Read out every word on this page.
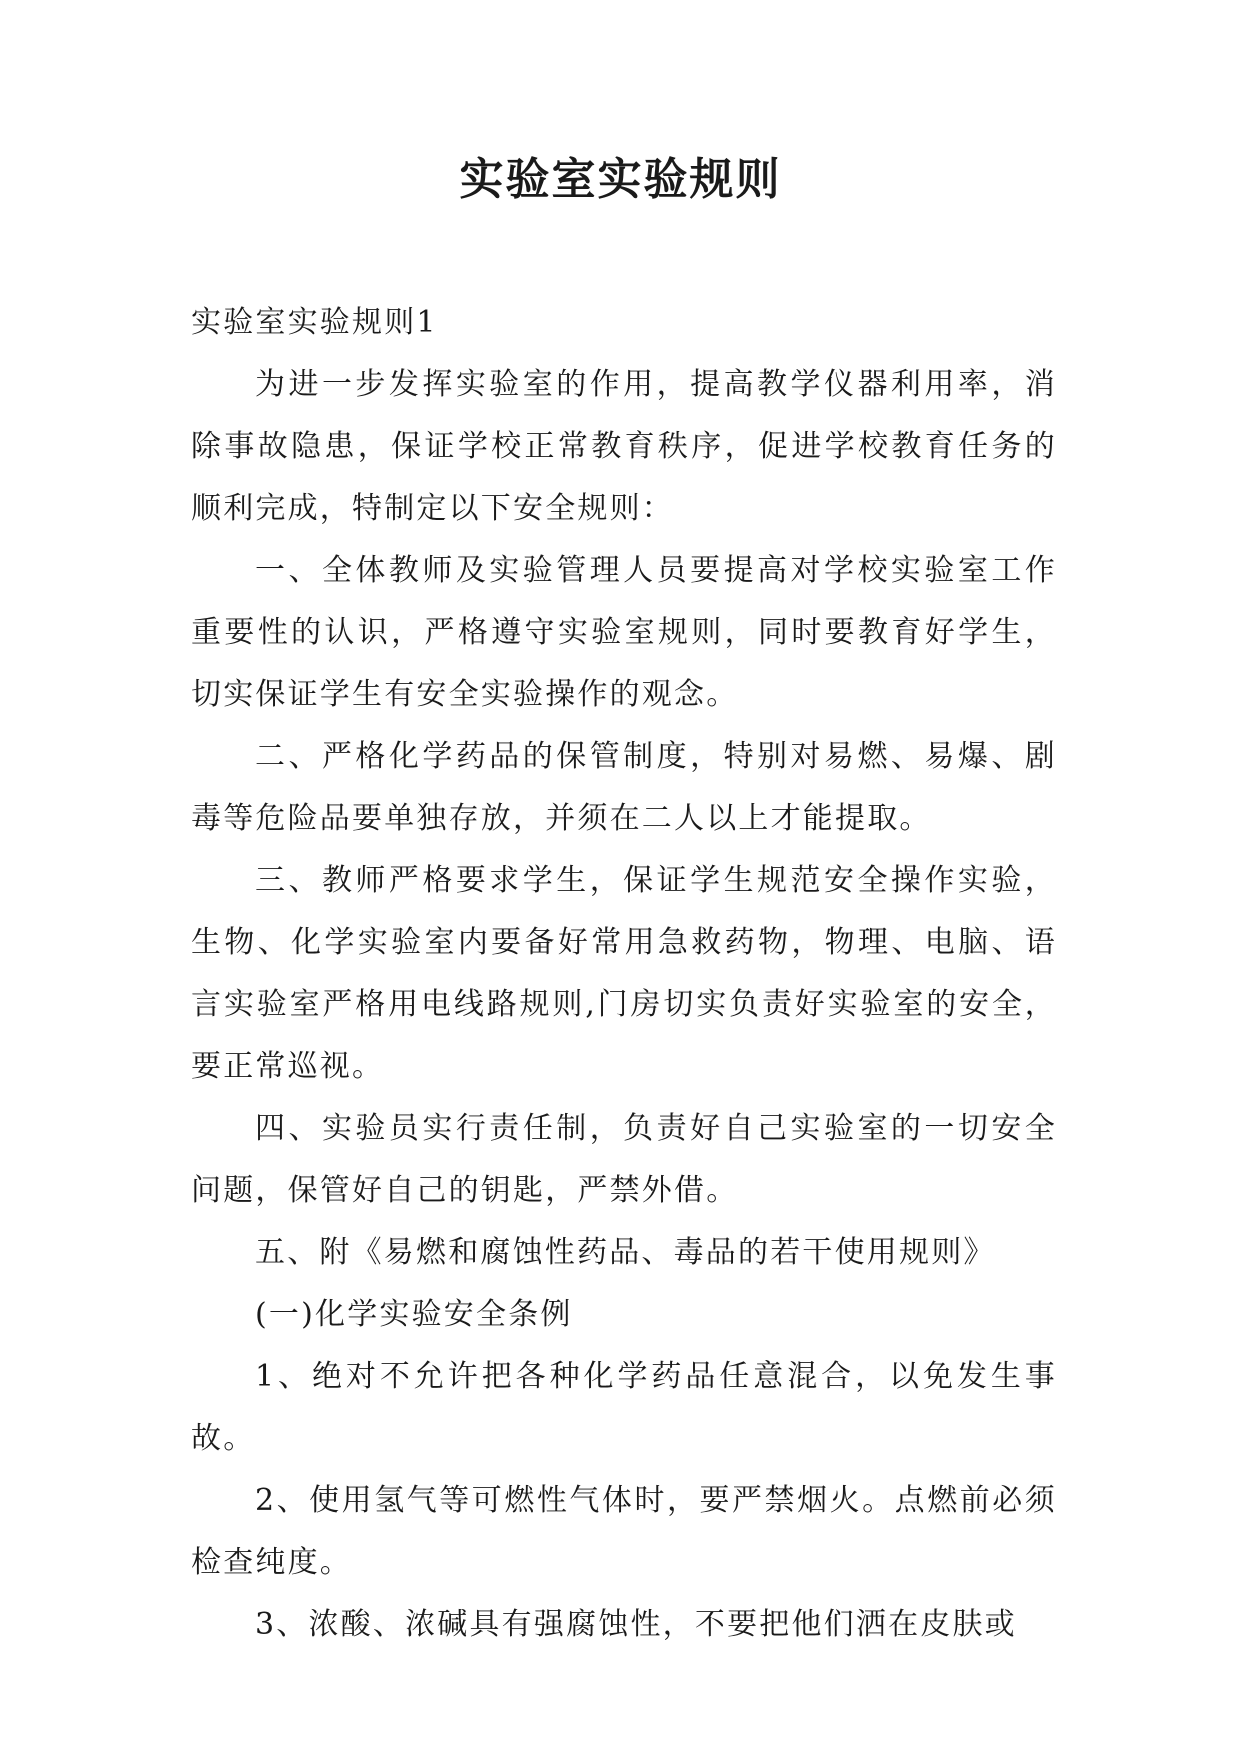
实验室实验规则

实验室实验规则1

为进一步发挥实验室的作用，提高教学仪器利用率，消除事故隐患，保证学校正常教育秩序，促进学校教育任务的顺利完成，特制定以下安全规则：

一、全体教师及实验管理人员要提高对学校实验室工作重要性的认识，严格遵守实验室规则，同时要教育好学生，切实保证学生有安全实验操作的观念。

二、严格化学药品的保管制度，特别对易燃、易爆、剧毒等危险品要单独存放，并须在二人以上才能提取。

三、教师严格要求学生，保证学生规范安全操作实验，生物、化学实验室内要备好常用急救药物，物理、电脑、语言实验室严格用电线路规则,门房切实负责好实验室的安全，要正常巡视。

四、实验员实行责任制，负责好自己实验室的一切安全问题，保管好自己的钥匙，严禁外借。

五、附《易燃和腐蚀性药品、毒品的若干使用规则》

(一)化学实验安全条例

1、绝对不允许把各种化学药品任意混合，以免发生事故。

2、使用氢气等可燃性气体时，要严禁烟火。点燃前必须检查纯度。

3、浓酸、浓碱具有强腐蚀性，不要把他们洒在皮肤或
